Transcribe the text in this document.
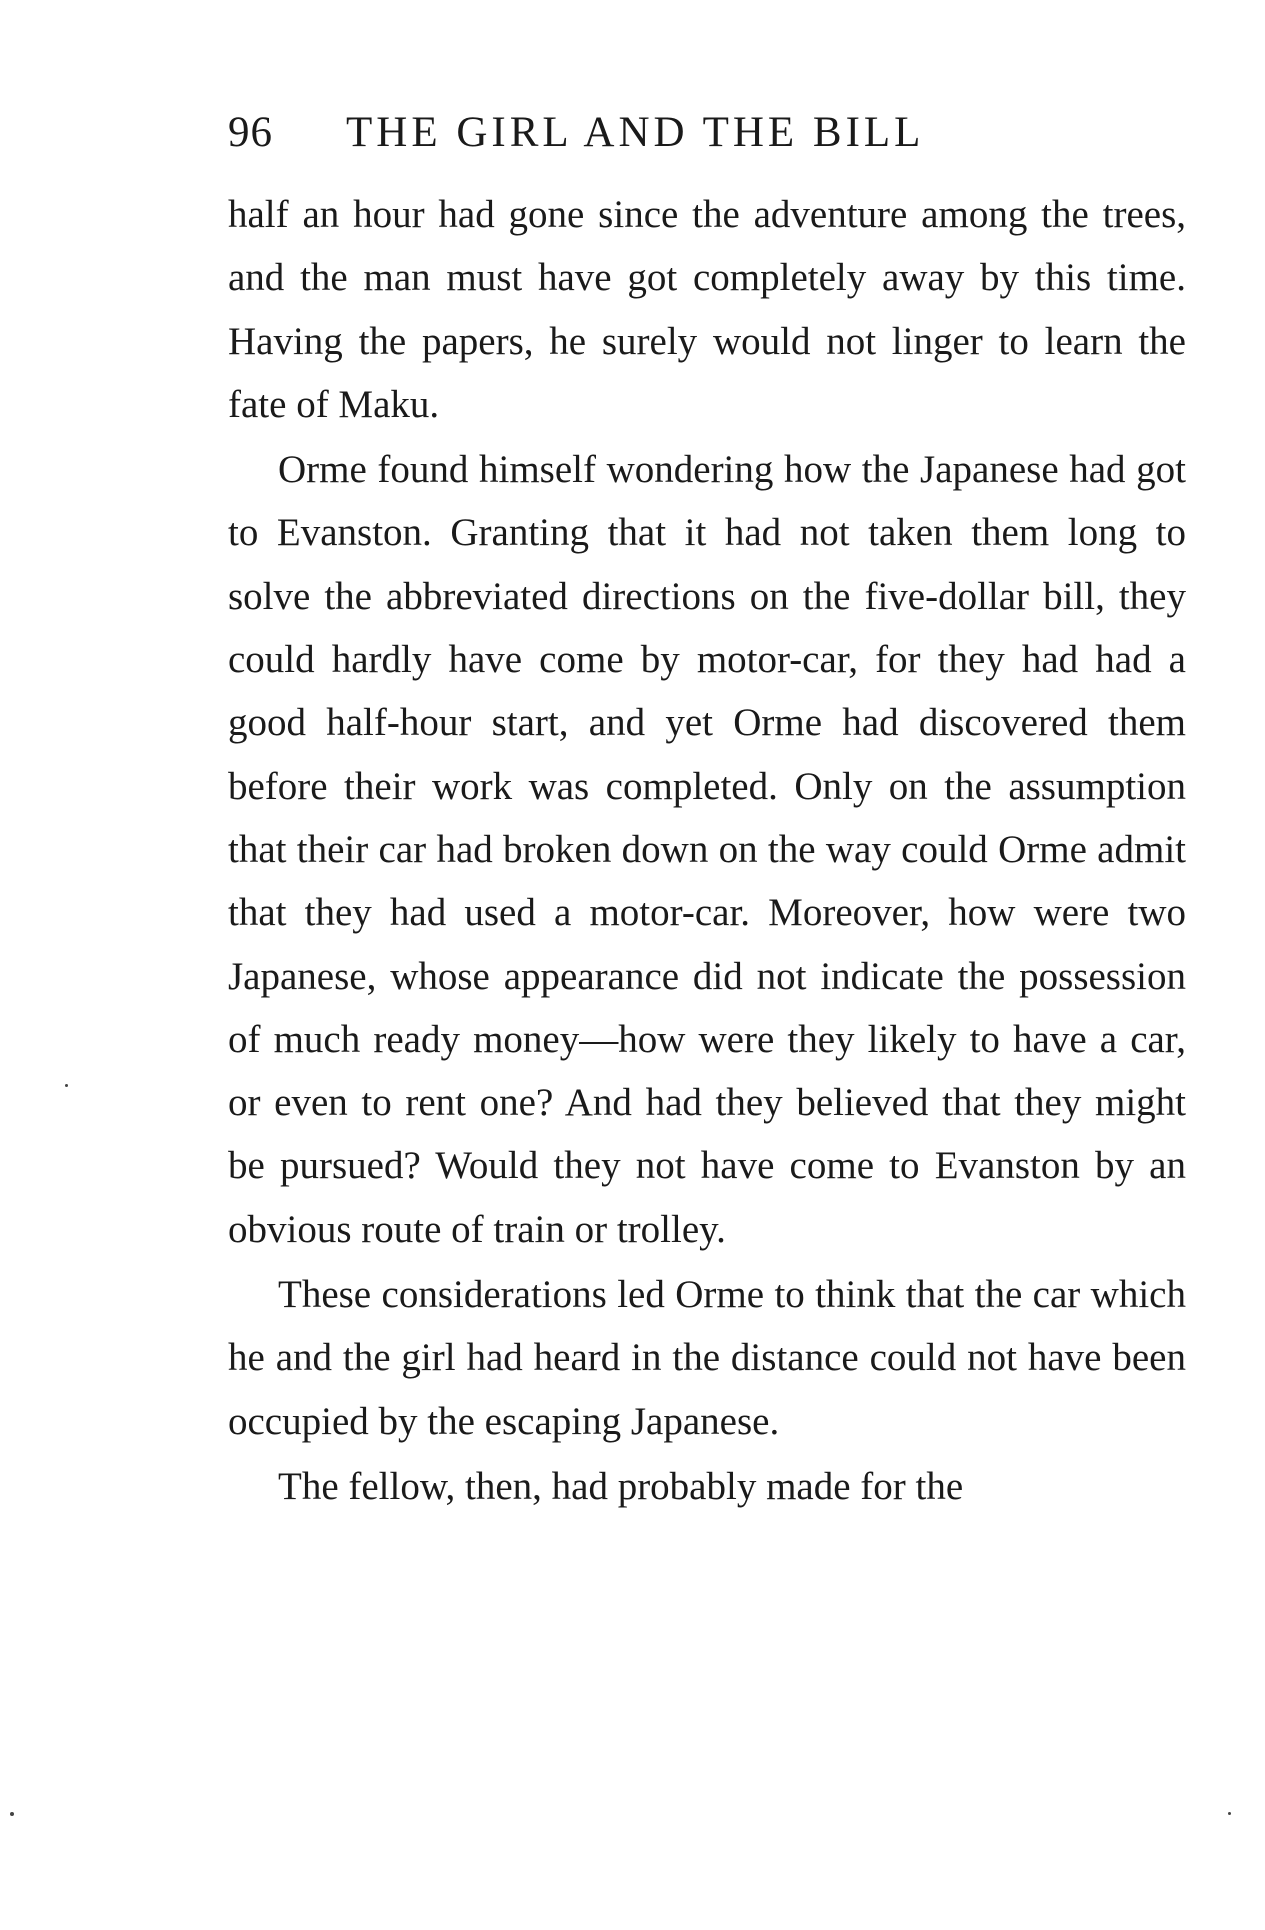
96 THE GIRL AND THE BILL

half an hour had gone since the adventure among the trees, and the man must have got completely away by this time. Having the papers, he surely would not linger to learn the fate of Maku.

Orme found himself wondering how the Japanese had got to Evanston. Granting that it had not taken them long to solve the abbreviated directions on the five-dollar bill, they could hardly have come by motor-car, for they had had a good half-hour start, and yet Orme had discovered them before their work was completed. Only on the assumption that their car had broken down on the way could Orme admit that they had used a motor-car. Moreover, how were two Japanese, whose appearance did not indicate the possession of much ready money—how were they likely to have a car, or even to rent one? And had they believed that they might be pursued? Would they not have come to Evanston by an obvious route of train or trolley.

These considerations led Orme to think that the car which he and the girl had heard in the distance could not have been occupied by the escaping Japanese.

The fellow, then, had probably made for the
